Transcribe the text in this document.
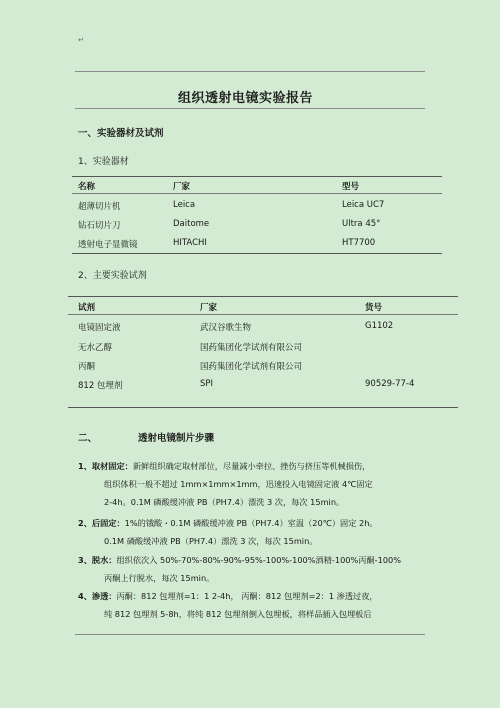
↵
组织透射电镜实验报告
一、实验器材及试剂
1、实验器材
名称	厂家	型号
超薄切片机	Leica	Leica UC7
钻石切片刀	Daitome	Ultra 45°
透射电子显微镜	HITACHI	HT7700
2、主要实验试剂
试剂	厂家	货号
电镜固定液	武汉谷歌生物	G1102
无水乙醇	国药集团化学试剂有限公司
丙酮	国药集团化学试剂有限公司
812 包埋剂	SPI	90529-77-4
二、	透射电镜制片步骤
1、取材固定：新鲜组织确定取材部位，尽量减小牵拉、挫伤与挤压等机械损伤，
组织体积一般不超过 1mm×1mm×1mm，迅速投入电镜固定液 4℃固定
2-4h。0.1M 磷酸缓冲液 PB（PH7.4）漂洗 3 次，每次 15min。
2、后固定：1%的锇酸・0.1M 磷酸缓冲液 PB（PH7.4）室温（20℃）固定 2h。
0.1M 磷酸缓冲液 PB（PH7.4）漂洗 3 次，每次 15min。
3、脱水：组织依次入 50%-70%-80%-90%-95%-100%-100%酒精-100%丙酮-100%
丙酮上行脱水，每次 15min。
4、渗透：丙酮：812 包埋剂=1：1 2-4h， 丙酮：812 包埋剂=2：1 渗透过夜，
纯 812 包埋剂 5-8h，将纯 812 包埋剂倒入包埋板，将样品插入包埋板后
